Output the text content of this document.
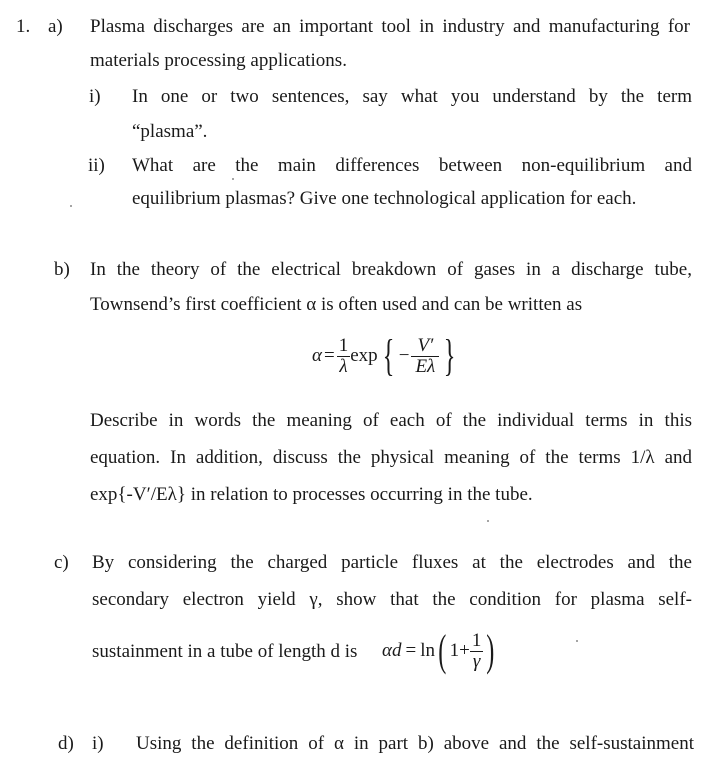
1. a) Plasma discharges are an important tool in industry and manufacturing for
materials processing applications.
i) In one or two sentences, say what you understand by the term
“plasma”.
ii) What are the main differences between non-equilibrium and
equilibrium plasmas? Give one technological application for each.
b) In the theory of the electrical breakdown of gases in a discharge tube,
Townsend’s first coefficient α is often used and can be written as
$\alpha = \frac{1}{\lambda}$ exp { − $\frac{V'}{E\lambda}$ }
Describe in words the meaning of each of the individual terms in this
equation. In addition, discuss the physical meaning of the terms 1/λ and
exp{-V′/Eλ} in relation to processes occurring in the tube.
c) By considering the charged particle fluxes at the electrodes and the
secondary electron yield γ, show that the condition for plasma self-
sustainment in a tube of length d is αd = ln ( $1 + \frac{1}{\gamma}$ )
d) i) Using the definition of α in part b) above and the self-sustainment
